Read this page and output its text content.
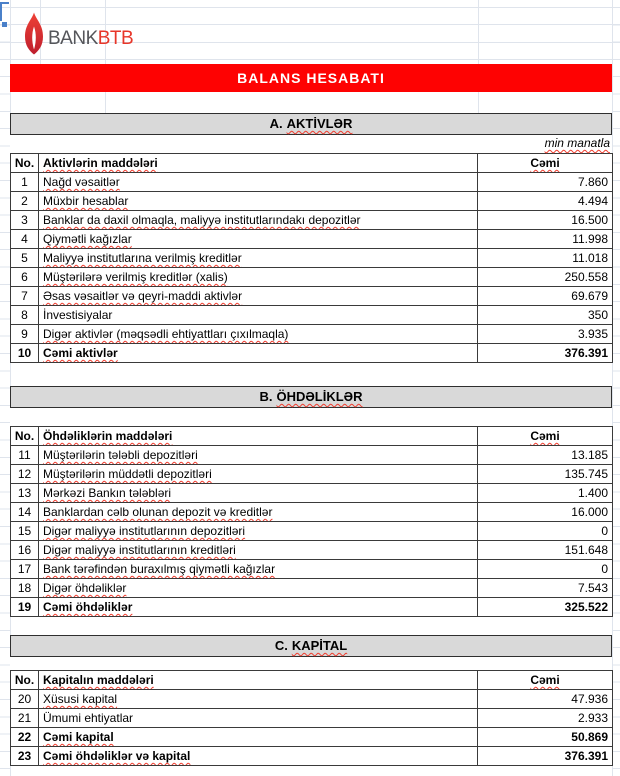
BANKBTB
BALANS HESABATI
A. AKTİVLƏR
min manatla
No.	Aktivlərin maddələri	Cəmi
1	Nağd vəsaitlər	7.860
2	Müxbir hesablar	4.494
3	Banklar da daxil olmaqla, maliyyə institutlarındakı depozitlər	16.500
4	Qiymətli kağızlar	11.998
5	Maliyyə institutlarına verilmiş kreditlər	11.018
6	Müştərilərə verilmiş kreditlər (xalis)	250.558
7	Əsas vəsaitlər və qeyri-maddi aktivlər	69.679
8	İnvestisiyalar	350
9	Digər aktivlər (məqsədli ehtiyattları çıxılmaqla)	3.935
10	Cəmi aktivlər	376.391
B. ÖHDƏLİKLƏR
No.	Öhdəliklərin maddələri	Cəmi
11	Müştərilərin tələbli depozitləri	13.185
12	Müştərilərin müddətli depozitləri	135.745
13	Mərkəzi Bankın tələbləri	1.400
14	Banklardan cəlb olunan depozit və kreditlər	16.000
15	Digər maliyyə institutlarının depozitləri	0
16	Digər maliyyə institutlarının kreditləri	151.648
17	Bank tərəfindən buraxılmış qiymətli kağızlar	0
18	Digər öhdəliklər	7.543
19	Cəmi öhdəliklər	325.522
C. KAPİTAL
No.	Kapitalın maddələri	Cəmi
20	Xüsusi kapital	47.936
21	Ümumi ehtiyatlar	2.933
22	Cəmi kapital	50.869
23	Cəmi öhdəliklər və kapital	376.391
